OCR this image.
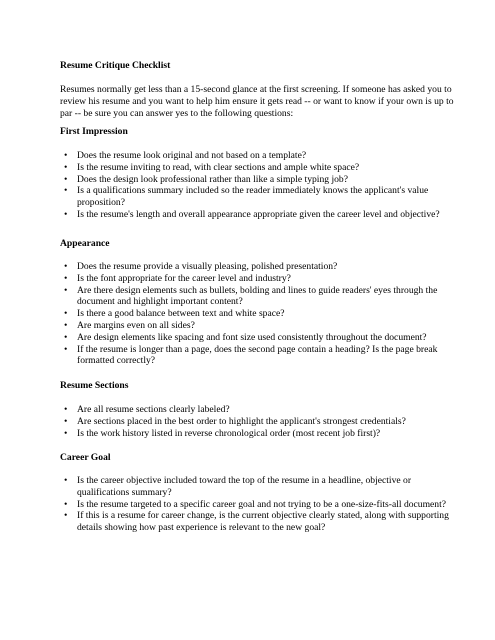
Resume Critique Checklist
Resumes normally get less than a 15-second glance at the first screening. If someone has asked you to review his resume and you want to help him ensure it gets read -- or want to know if your own is up to par -- be sure you can answer yes to the following questions:
First Impression
• Does the resume look original and not based on a template?
• Is the resume inviting to read, with clear sections and ample white space?
• Does the design look professional rather than like a simple typing job?
• Is a qualifications summary included so the reader immediately knows the applicant's value proposition?
• Is the resume's length and overall appearance appropriate given the career level and objective?
Appearance
• Does the resume provide a visually pleasing, polished presentation?
• Is the font appropriate for the career level and industry?
• Are there design elements such as bullets, bolding and lines to guide readers' eyes through the document and highlight important content?
• Is there a good balance between text and white space?
• Are margins even on all sides?
• Are design elements like spacing and font size used consistently throughout the document?
• If the resume is longer than a page, does the second page contain a heading? Is the page break formatted correctly?
Resume Sections
• Are all resume sections clearly labeled?
• Are sections placed in the best order to highlight the applicant's strongest credentials?
• Is the work history listed in reverse chronological order (most recent job first)?
Career Goal
• Is the career objective included toward the top of the resume in a headline, objective or qualifications summary?
• Is the resume targeted to a specific career goal and not trying to be a one-size-fits-all document?
• If this is a resume for career change, is the current objective clearly stated, along with supporting details showing how past experience is relevant to the new goal?
